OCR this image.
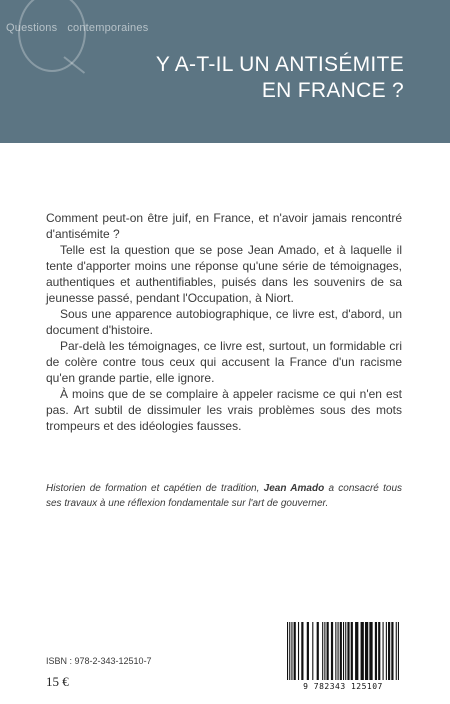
Questions contemporaines
Y A-T-IL UN ANTISÉMITE
EN FRANCE ?

Comment peut-on être juif, en France, et n'avoir jamais rencontré d'antisémite ?

Telle est la question que se pose Jean Amado, et à laquelle il tente d'apporter moins une réponse qu'une série de témoignages, authentiques et authentifiables, puisés dans les souvenirs de sa jeunesse passé, pendant l'Occupation, à Niort.

Sous une apparence autobiographique, ce livre est, d'abord, un document d'histoire.

Par-delà les témoignages, ce livre est, surtout, un formidable cri de colère contre tous ceux qui accusent la France d'un racisme qu'en grande partie, elle ignore.

À moins que de se complaire à appeler racisme ce qui n'en est pas. Art subtil de dissimuler les vrais problèmes sous des mots trompeurs et des idéologies fausses.

Historien de formation et capétien de tradition, Jean Amado a consacré tous ses travaux à une réflexion fondamentale sur l'art de gouverner.
ISBN : 978-2-343-12510-7
15 €	9 782343 125107
